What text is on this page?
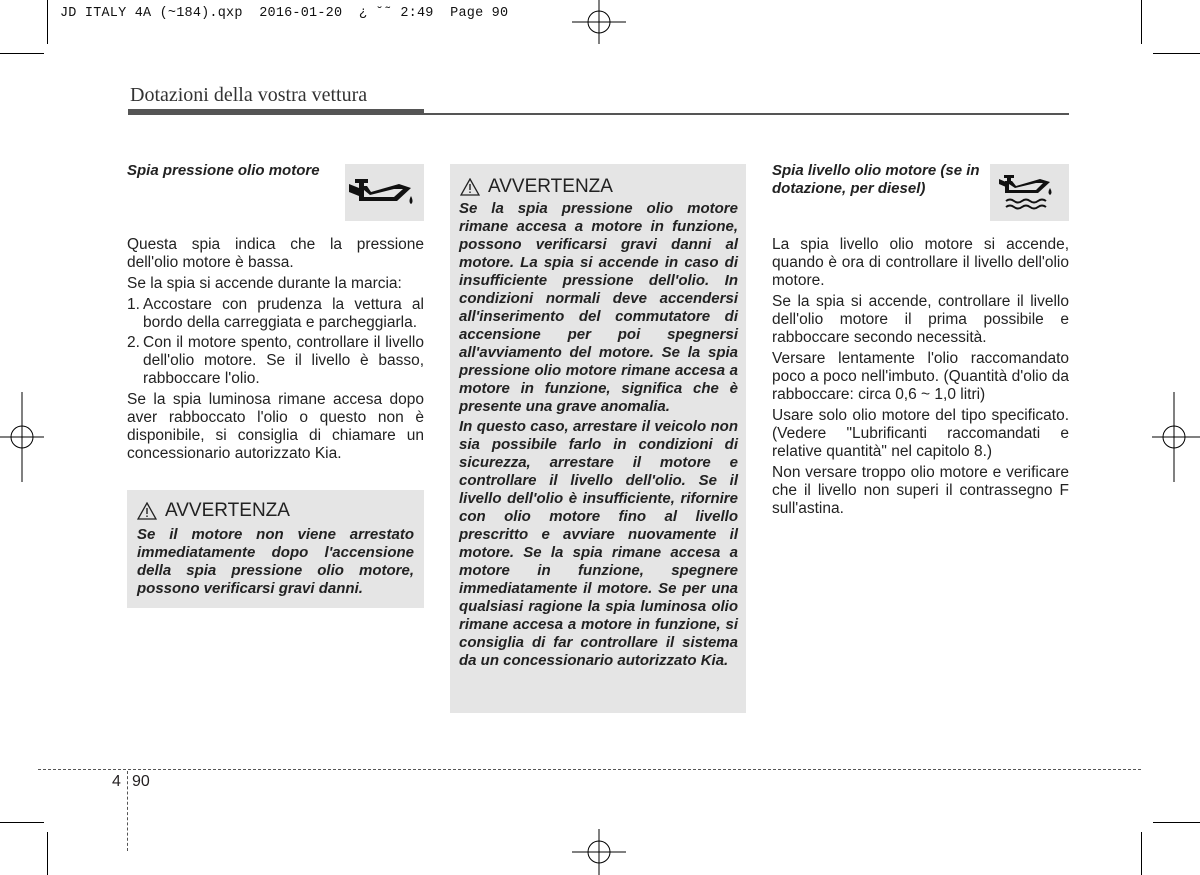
JD ITALY 4A (~184).qxp  2016-01-20  ¿ ˘˜ 2:49  Page 90
Dotazioni della vostra vettura
Spia pressione olio motore

Questa spia indica che la pressione dell'olio motore è bassa.

Se la spia si accende durante la marcia:

1. Accostare con prudenza la vettura al bordo della carreggiata e parcheggiarla.
2. Con il motore spento, controllare il livello dell'olio motore. Se il livello è basso, rabboccare l'olio.

Se la spia luminosa rimane accesa dopo aver rabboccato l'olio o questo non è disponibile, si consiglia di chiamare un concessionario autorizzato Kia.

AVVERTENZA

Se il motore non viene arrestato immediatamente dopo l'accensione della spia pressione olio motore, possono verificarsi gravi danni.

AVVERTENZA

Se la spia pressione olio motore rimane accesa a motore in funzione, possono verificarsi gravi danni al motore. La spia si accende in caso di insufficiente pressione dell'olio. In condizioni normali deve accendersi all'inserimento del commutatore di accensione per poi spegnersi all'avviamento del motore. Se la spia pressione olio motore rimane accesa a motore in funzione, significa che è presente una grave anomalia.

In questo caso, arrestare il veicolo non sia possibile farlo in condizioni di sicurezza, arrestare il motore e controllare il livello dell'olio. Se il livello dell'olio è insufficiente, rifornire con olio motore fino al livello prescritto e avviare nuovamente il motore. Se la spia rimane accesa a motore in funzione, spegnere immediatamente il motore. Se per una qualsiasi ragione la spia luminosa olio rimane accesa a motore in funzione, si consiglia di far controllare il sistema da un concessionario autorizzato Kia.

Spia livello olio motore (se in dotazione, per diesel)

La spia livello olio motore si accende, quando è ora di controllare il livello dell'olio motore.

Se la spia si accende, controllare il livello dell'olio motore il prima possibile e rabboccare secondo necessità.

Versare lentamente l'olio raccomandato poco a poco nell'imbuto. (Quantità d'olio da rabboccare: circa 0,6 ~ 1,0 litri)

Usare solo olio motore del tipo specificato. (Vedere "Lubrificanti raccomandati e relative quantità" nel capitolo 8.)

Non versare troppo olio motore e verificare che il livello non superi il contrassegno F sull'astina.

4 90
